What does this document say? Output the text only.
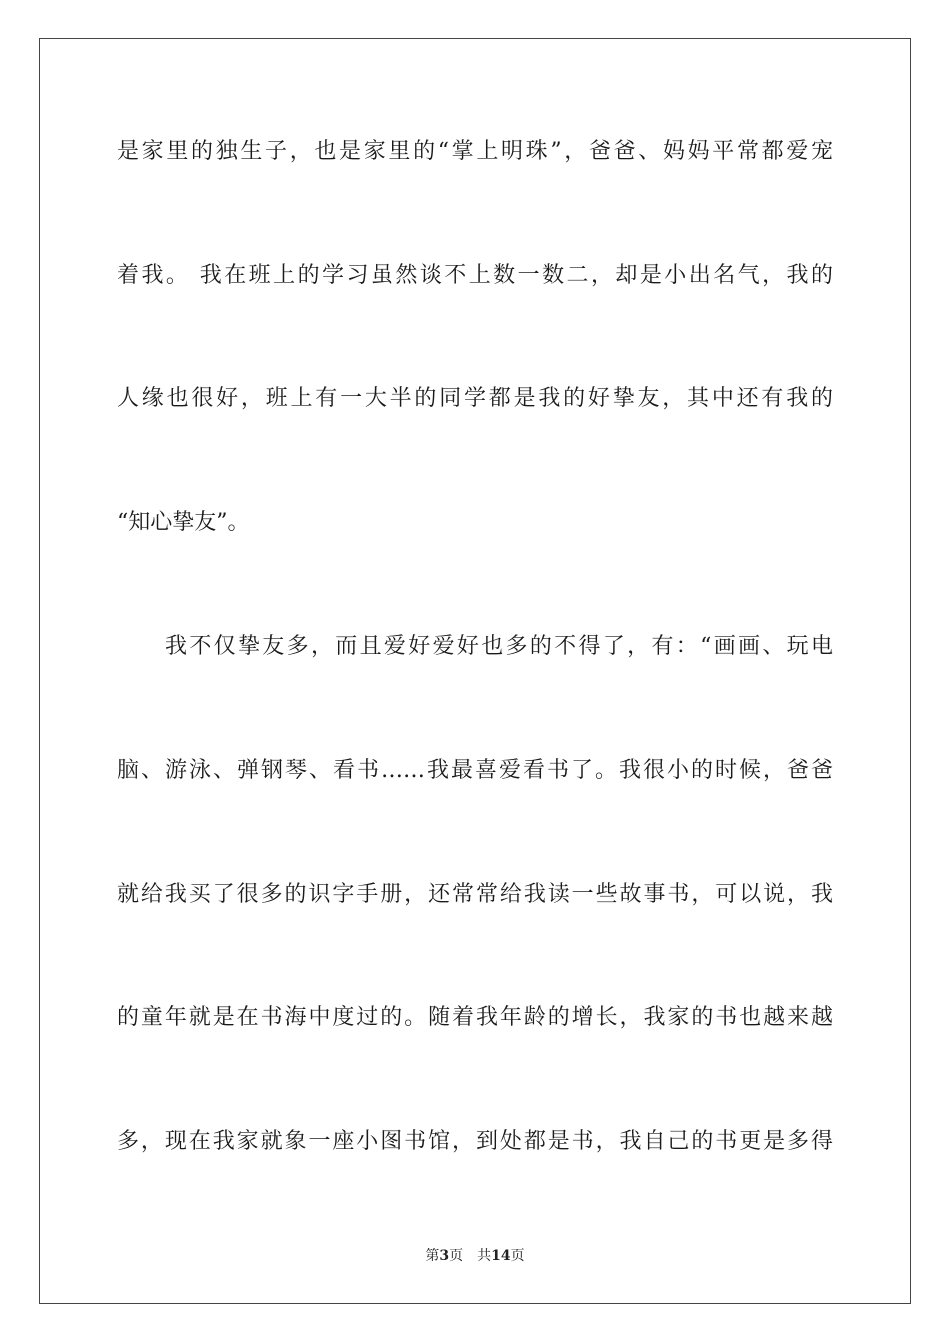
是家里的独生子，也是家里的“掌上明珠”，爸爸、妈妈平常都爱宠
着我。 我在班上的学习虽然谈不上数一数二，却是小出名气，我的
人缘也很好，班上有一大半的同学都是我的好挚友，其中还有我的
“知心挚友”。
我不仅挚友多，而且爱好爱好也多的不得了，有：“画画、玩电
脑、游泳、弹钢琴、看书……我最喜爱看书了。我很小的时候，爸爸
就给我买了很多的识字手册，还常常给我读一些故事书，可以说，我
的童年就是在书海中度过的。随着我年龄的增长，我家的书也越来越
多，现在我家就象一座小图书馆，到处都是书，我自己的书更是多得
第3页 共14页
